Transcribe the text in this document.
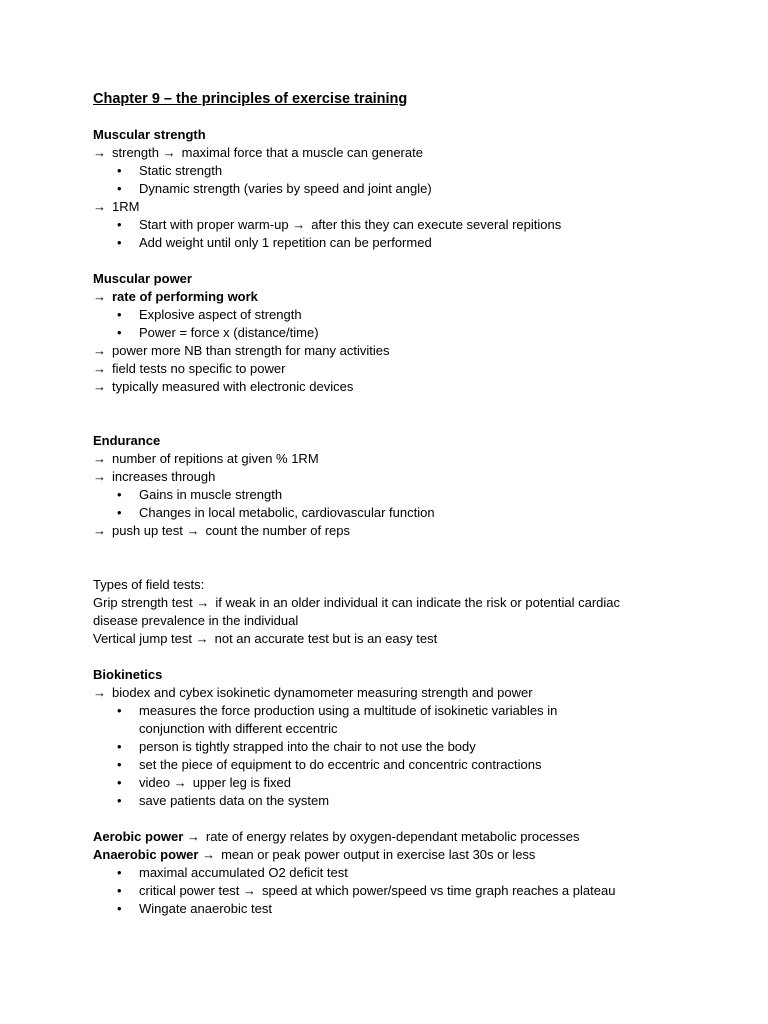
Chapter 9 – the principles of exercise training
Muscular strength
→ strength → maximal force that a muscle can generate
• Static strength
• Dynamic strength (varies by speed and joint angle)
→ 1RM
• Start with proper warm-up → after this they can execute several repitions
• Add weight until only 1 repetition can be performed
Muscular power
→ rate of performing work
• Explosive aspect of strength
• Power = force x (distance/time)
→ power more NB than strength for many activities
→ field tests no specific to power
→ typically measured with electronic devices
Endurance
→ number of repitions at given % 1RM
→ increases through
• Gains in muscle strength
• Changes in local metabolic, cardiovascular function
→ push up test → count the number of reps
Types of field tests:
Grip strength test → if weak in an older individual it can indicate the risk or potential cardiac
disease prevalence in the individual
Vertical jump test → not an accurate test but is an easy test
Biokinetics
→ biodex and cybex isokinetic dynamometer measuring strength and power
• measures the force production using a multitude of isokinetic variables in conjunction with different eccentric
• person is tightly strapped into the chair to not use the body
• set the piece of equipment to do eccentric and concentric contractions
• video → upper leg is fixed
• save patients data on the system
Aerobic power → rate of energy relates by oxygen-dependant metabolic processes
Anaerobic power → mean or peak power output in exercise last 30s or less
• maximal accumulated O2 deficit test
• critical power test → speed at which power/speed vs time graph reaches a plateau
• Wingate anaerobic test
